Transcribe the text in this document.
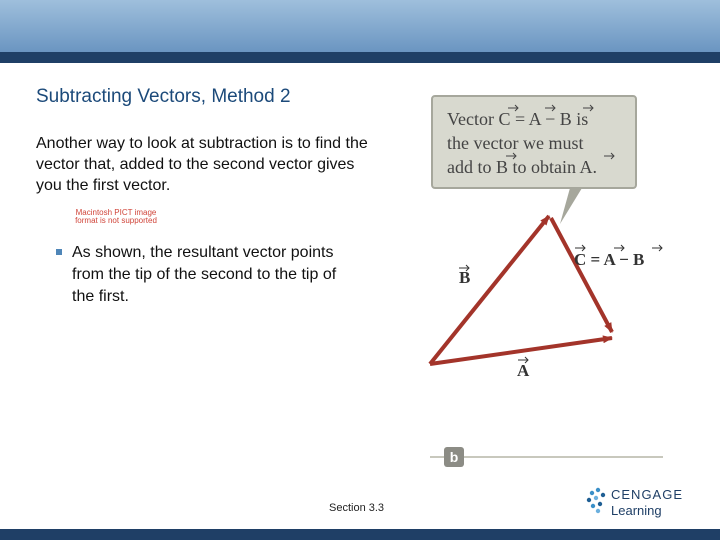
Subtracting Vectors, Method 2
Another way to look at subtraction is to find the vector that, added to the second vector gives you the first vector.
Macintosh PICT image format is not supported
As shown, the resultant vector points from the tip of the second to the tip of the first.
Vector C = A − B is
the vector we must
add to B to obtain A.
B
C = A − B
A
b
Section 3.3
CENGAGE
Learning
